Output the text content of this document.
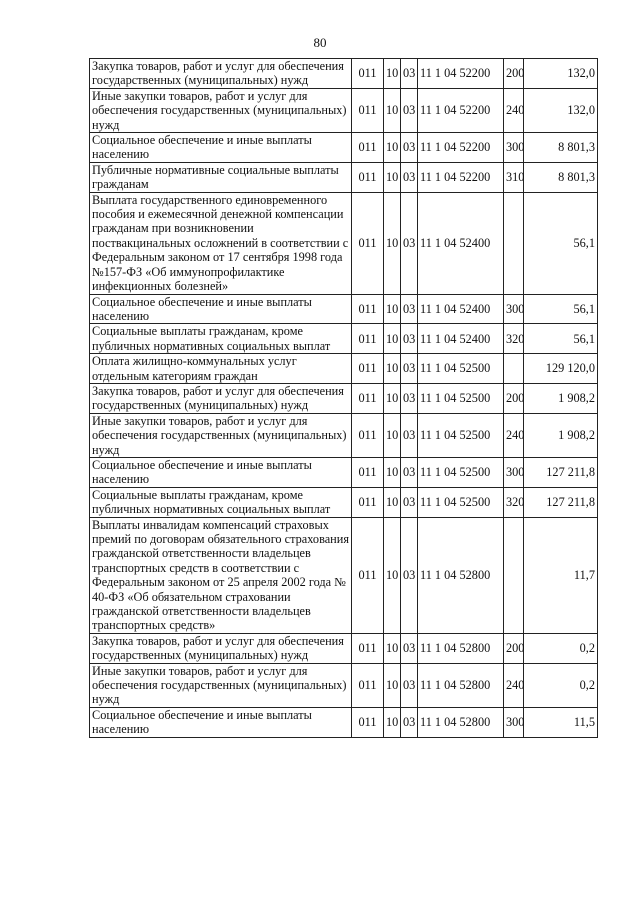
80
Закупка товаров, работ и услуг для обеспечения государственных (муниципальных) нужд	011	10	03	11 1 04 52200	200	132,0
Иные закупки товаров, работ и услуг для обеспечения государственных (муниципальных) нужд	011	10	03	11 1 04 52200	240	132,0
Социальное обеспечение и иные выплаты населению	011	10	03	11 1 04 52200	300	8 801,3
Публичные нормативные социальные выплаты гражданам	011	10	03	11 1 04 52200	310	8 801,3
Выплата государственного единовременного пособия и ежемесячной денежной компенсации гражданам при возникновении поствакцинальных осложнений в соответствии с Федеральным законом от 17 сентября 1998 года №157-ФЗ «Об иммунопрофилактике инфекционных болезней»	011	10	03	11 1 04 52400		56,1
Социальное обеспечение и иные выплаты населению	011	10	03	11 1 04 52400	300	56,1
Социальные выплаты гражданам, кроме публичных нормативных социальных выплат	011	10	03	11 1 04 52400	320	56,1
Оплата жилищно-коммунальных услуг отдельным категориям граждан	011	10	03	11 1 04 52500		129 120,0
Закупка товаров, работ и услуг для обеспечения государственных (муниципальных) нужд	011	10	03	11 1 04 52500	200	1 908,2
Иные закупки товаров, работ и услуг для обеспечения государственных (муниципальных) нужд	011	10	03	11 1 04 52500	240	1 908,2
Социальное обеспечение и иные выплаты населению	011	10	03	11 1 04 52500	300	127 211,8
Социальные выплаты гражданам, кроме публичных нормативных социальных выплат	011	10	03	11 1 04 52500	320	127 211,8
Выплаты инвалидам компенсаций страховых премий по договорам обязательного страхования гражданской ответственности владельцев транспортных средств в соответствии с Федеральным законом от 25 апреля 2002 года № 40-ФЗ «Об обязательном страховании гражданской ответственности владельцев транспортных средств»	011	10	03	11 1 04 52800		11,7
Закупка товаров, работ и услуг для обеспечения государственных (муниципальных) нужд	011	10	03	11 1 04 52800	200	0,2
Иные закупки товаров, работ и услуг для обеспечения государственных (муниципальных) нужд	011	10	03	11 1 04 52800	240	0,2
Социальное обеспечение и иные выплаты населению	011	10	03	11 1 04 52800	300	11,5
